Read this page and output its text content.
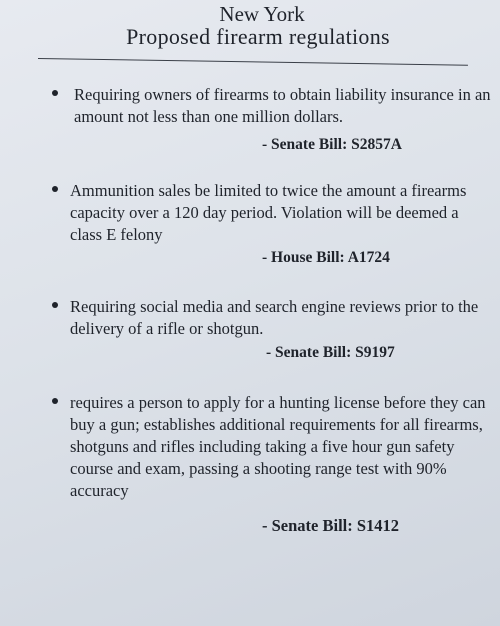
New York
Proposed firearm regulations
Requiring owners of firearms to obtain liability insurance in an amount not less than one million dollars.
- Senate Bill: S2857A
Ammunition sales be limited to twice the amount a firearms capacity over a 120 day period. Violation will be deemed a class E felony
- House Bill: A1724
Requiring social media and search engine reviews prior to the delivery of a rifle or shotgun.
- Senate Bill: S9197
requires a person to apply for a hunting license before they can buy a gun; establishes additional requirements for all firearms, shotguns and rifles including taking a five hour gun safety course and exam, passing a shooting range test with 90% accuracy
- Senate Bill: S1412
